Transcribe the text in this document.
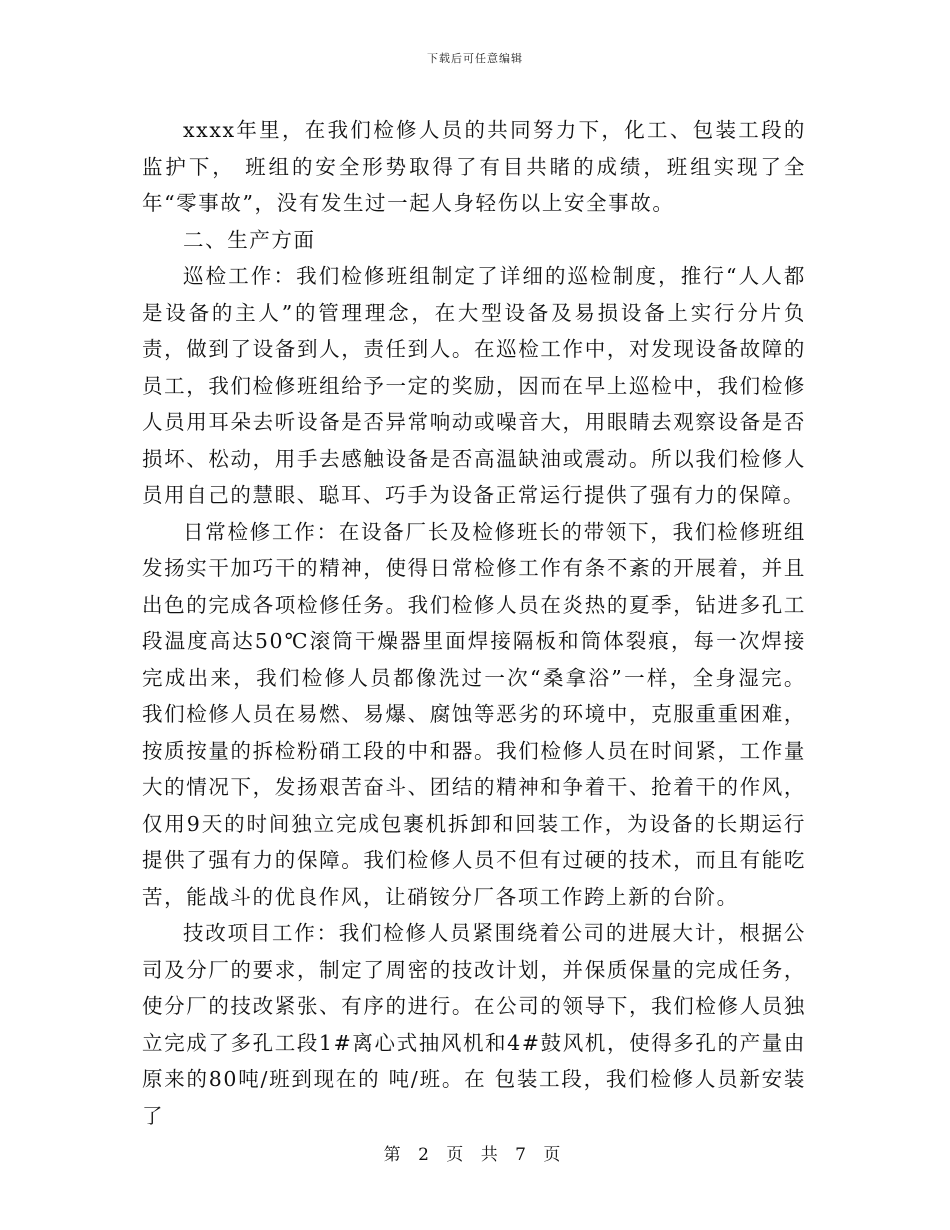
下载后可任意编辑

xxxx年里，在我们检修人员的共同努力下，化工、包装工段的监护下， 班组的安全形势取得了有目共睹的成绩，班组实现了全年“零事故”，没有发生过一起人身轻伤以上安全事故。

二、生产方面

巡检工作：我们检修班组制定了详细的巡检制度，推行“人人都是设备的主人”的管理理念，在大型设备及易损设备上实行分片负责，做到了设备到人，责任到人。在巡检工作中，对发现设备故障的员工，我们检修班组给予一定的奖励，因而在早上巡检中，我们检修人员用耳朵去听设备是否异常响动或噪音大，用眼睛去观察设备是否损坏、松动，用手去感触设备是否高温缺油或震动。所以我们检修人员用自己的慧眼、聪耳、巧手为设备正常运行提供了强有力的保障。

日常检修工作：在设备厂长及检修班长的带领下，我们检修班组发扬实干加巧干的精神，使得日常检修工作有条不紊的开展着，并且出色的完成各项检修任务。我们检修人员在炎热的夏季，钻进多孔工段温度高达50℃滚筒干燥器里面焊接隔板和筒体裂痕，每一次焊接完成出来，我们检修人员都像洗过一次“桑拿浴”一样，全身湿完。我们检修人员在易燃、易爆、腐蚀等恶劣的环境中，克服重重困难，按质按量的拆检粉硝工段的中和器。我们检修人员在时间紧，工作量大的情况下，发扬艰苦奋斗、团结的精神和争着干、抢着干的作风，仅用9天的时间独立完成包裹机拆卸和回装工作，为设备的长期运行提供了强有力的保障。我们检修人员不但有过硬的技术，而且有能吃苦，能战斗的优良作风，让硝铵分厂各项工作跨上新的台阶。

技改项目工作：我们检修人员紧围绕着公司的进展大计，根据公司及分厂的要求，制定了周密的技改计划，并保质保量的完成任务，使分厂的技改紧张、有序的进行。在公司的领导下，我们检修人员独立完成了多孔工段1#离心式抽风机和4#鼓风机，使得多孔的产量由原来的80吨/班到现在的 吨/班。在 包装工段，我们检修人员新安装了

第 2 页 共 7 页
